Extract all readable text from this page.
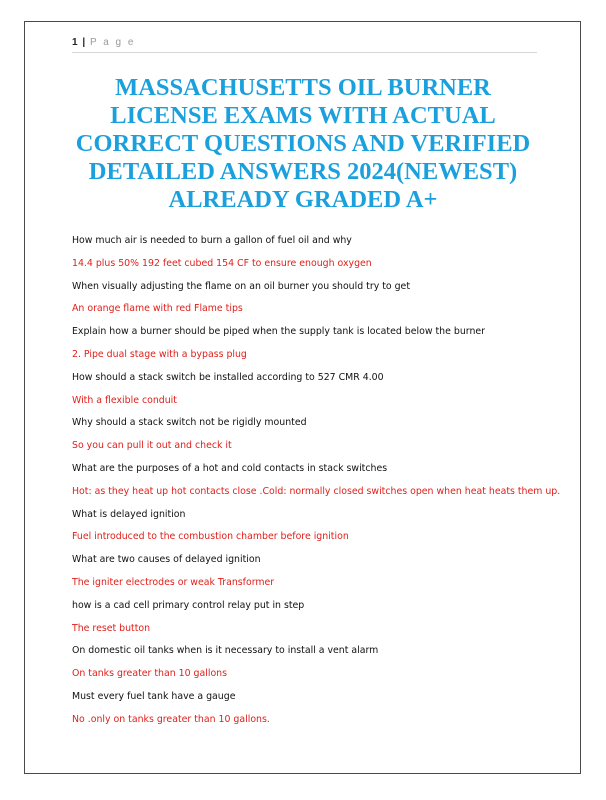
1 | P a g e
MASSACHUSETTS OIL BURNER LICENSE EXAMS WITH ACTUAL CORRECT QUESTIONS AND VERIFIED DETAILED ANSWERS 2024(NEWEST) ALREADY GRADED A+
How much air is needed to burn a gallon of fuel oil and why
14.4 plus 50% 192 feet cubed 154 CF to ensure enough oxygen
When visually adjusting the flame on an oil burner you should try to get
An orange flame with red Flame tips
Explain how a burner should be piped when the supply tank is located below the burner
2. Pipe dual stage with a bypass plug
How should a stack switch be installed according to 527 CMR 4.00
With a flexible conduit
Why should a stack switch not be rigidly mounted
So you can pull it out and check it
What are the purposes of a hot and cold contacts in stack switches
Hot: as they heat up hot contacts close .Cold: normally closed switches open when heat heats them up.
What is delayed ignition
Fuel introduced to the combustion chamber before ignition
What are two causes of delayed ignition
The igniter electrodes or weak Transformer
how is a cad cell primary control relay put in step
The reset button
On domestic oil tanks when is it necessary to install a vent alarm
On tanks greater than 10 gallons
Must every fuel tank have a gauge
No .only on tanks greater than 10 gallons.
